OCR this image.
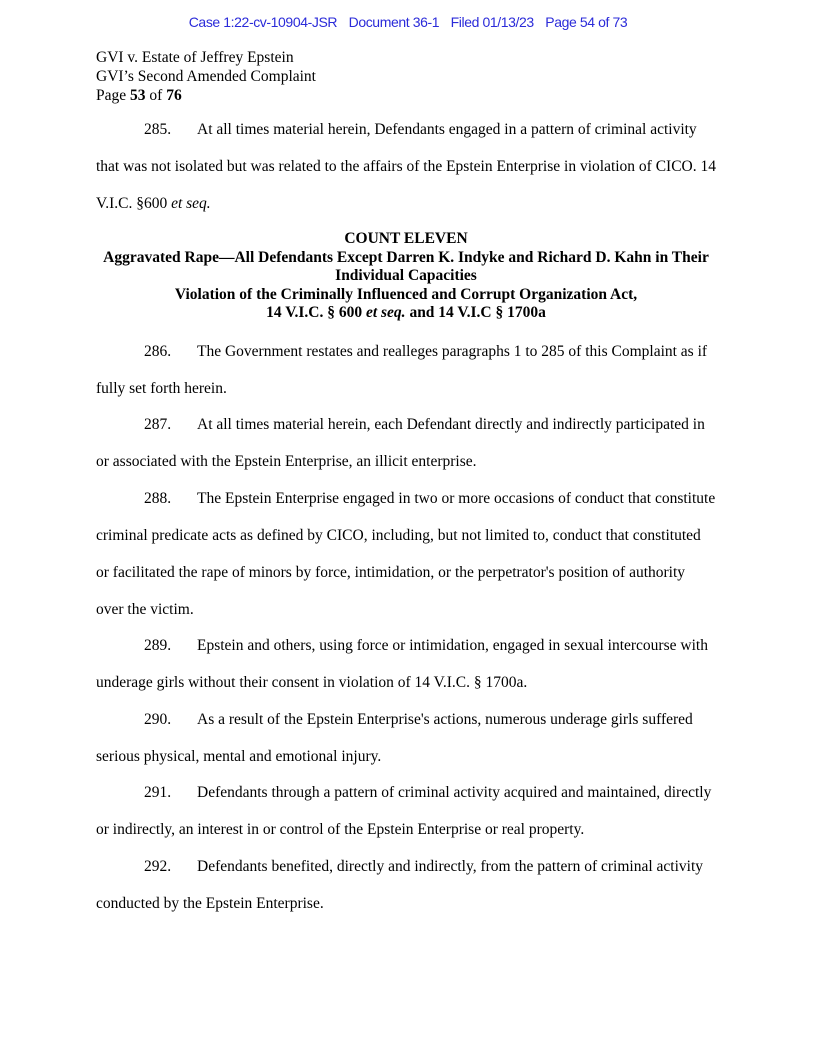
Case 1:22-cv-10904-JSR Document 36-1 Filed 01/13/23 Page 54 of 73
GVI v. Estate of Jeffrey Epstein
GVI’s Second Amended Complaint
Page 53 of 76

285. At all times material herein, Defendants engaged in a pattern of criminal activity that was not isolated but was related to the affairs of the Epstein Enterprise in violation of CICO. 14 V.I.C. §600 et seq.

COUNT ELEVEN
Aggravated Rape—All Defendants Except Darren K. Indyke and Richard D. Kahn in Their Individual Capacities
Violation of the Criminally Influenced and Corrupt Organization Act,
14 V.I.C. § 600 et seq. and 14 V.I.C § 1700a

286. The Government restates and realleges paragraphs 1 to 285 of this Complaint as if fully set forth herein.

287. At all times material herein, each Defendant directly and indirectly participated in or associated with the Epstein Enterprise, an illicit enterprise.

288. The Epstein Enterprise engaged in two or more occasions of conduct that constitute criminal predicate acts as defined by CICO, including, but not limited to, conduct that constituted or facilitated the rape of minors by force, intimidation, or the perpetrator's position of authority over the victim.

289. Epstein and others, using force or intimidation, engaged in sexual intercourse with underage girls without their consent in violation of 14 V.I.C. § 1700a.

290. As a result of the Epstein Enterprise's actions, numerous underage girls suffered serious physical, mental and emotional injury.

291. Defendants through a pattern of criminal activity acquired and maintained, directly or indirectly, an interest in or control of the Epstein Enterprise or real property.

292. Defendants benefited, directly and indirectly, from the pattern of criminal activity conducted by the Epstein Enterprise.
